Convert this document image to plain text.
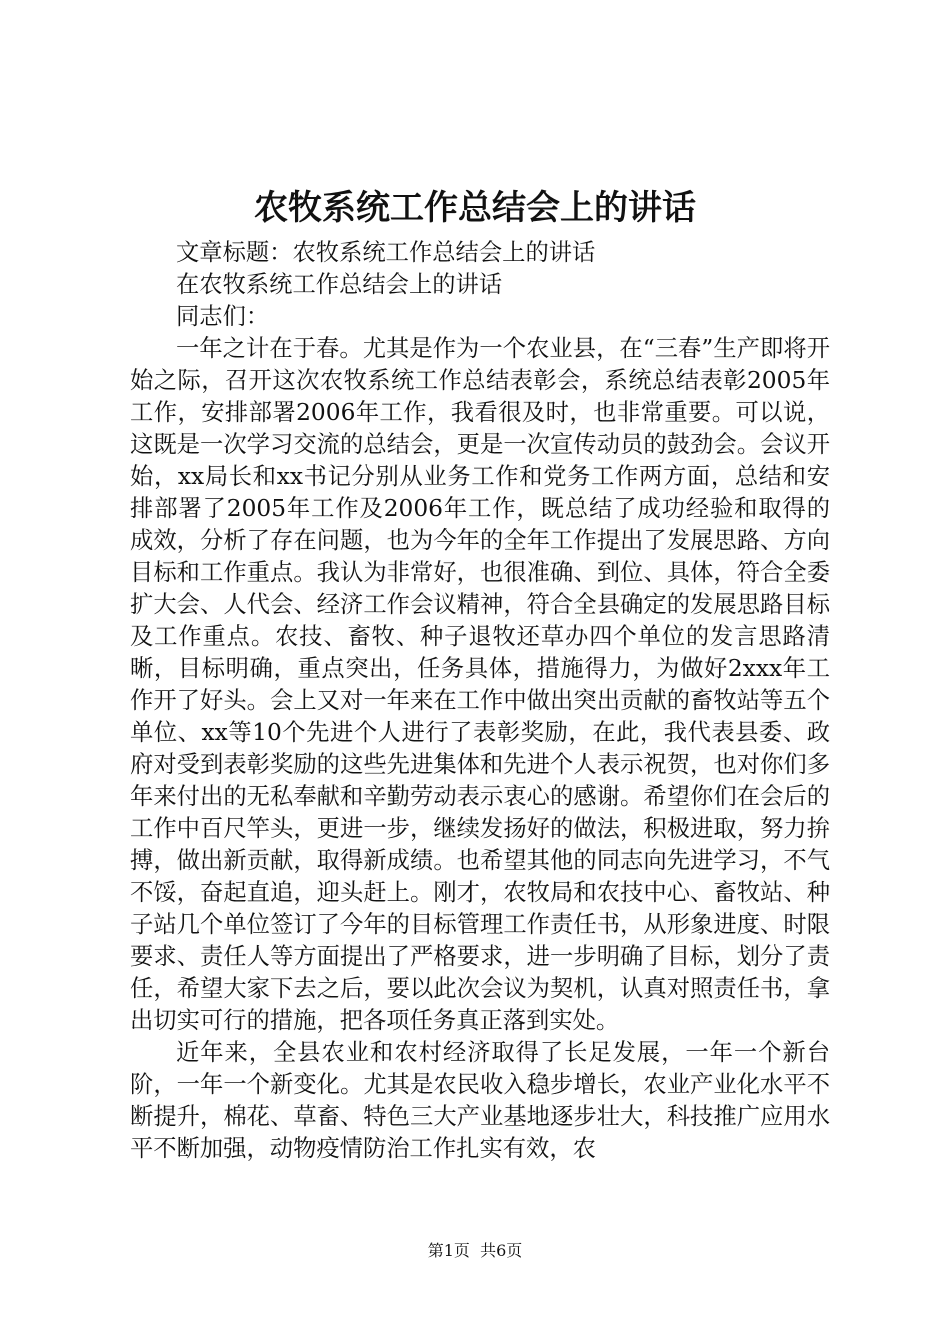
农牧系统工作总结会上的讲话

文章标题：农牧系统工作总结会上的讲话

在农牧系统工作总结会上的讲话

同志们：

一年之计在于春。尤其是作为一个农业县，在“三春”生产即将开始之际，召开这次农牧系统工作总结表彰会，系统总结表彰2005年工作，安排部署2006年工作，我看很及时，也非常重要。可以说，这既是一次学习交流的总结会，更是一次宣传动员的鼓劲会。会议开始，xx局长和xx书记分别从业务工作和党务工作两方面，总结和安排部署了2005年工作及2006年工作，既总结了成功经验和取得的成效，分析了存在问题，也为今年的全年工作提出了发展思路、方向目标和工作重点。我认为非常好，也很准确、到位、具体，符合全委扩大会、人代会、经济工作会议精神，符合全县确定的发展思路目标及工作重点。农技、畜牧、种子退牧还草办四个单位的发言思路清晰，目标明确，重点突出，任务具体，措施得力，为做好2xxx年工作开了好头。会上又对一年来在工作中做出突出贡献的畜牧站等五个单位、xx等10个先进个人进行了表彰奖励，在此，我代表县委、政府对受到表彰奖励的这些先进集体和先进个人表示祝贺，也对你们多年来付出的无私奉献和辛勤劳动表示衷心的感谢。希望你们在会后的工作中百尺竿头，更进一步，继续发扬好的做法，积极进取，努力拚搏，做出新贡献，取得新成绩。也希望其他的同志向先进学习，不气不馁，奋起直追，迎头赶上。刚才，农牧局和农技中心、畜牧站、种子站几个单位签订了今年的目标管理工作责任书，从形象进度、时限要求、责任人等方面提出了严格要求，进一步明确了目标，划分了责任，希望大家下去之后，要以此次会议为契机，认真对照责任书，拿出切实可行的措施，把各项任务真正落到实处。

近年来，全县农业和农村经济取得了长足发展，一年一个新台阶，一年一个新变化。尤其是农民收入稳步增长，农业产业化水平不断提升，棉花、草畜、特色三大产业基地逐步壮大，科技推广应用水平不断加强，动物疫情防治工作扎实有效，农

第1页  共6页
